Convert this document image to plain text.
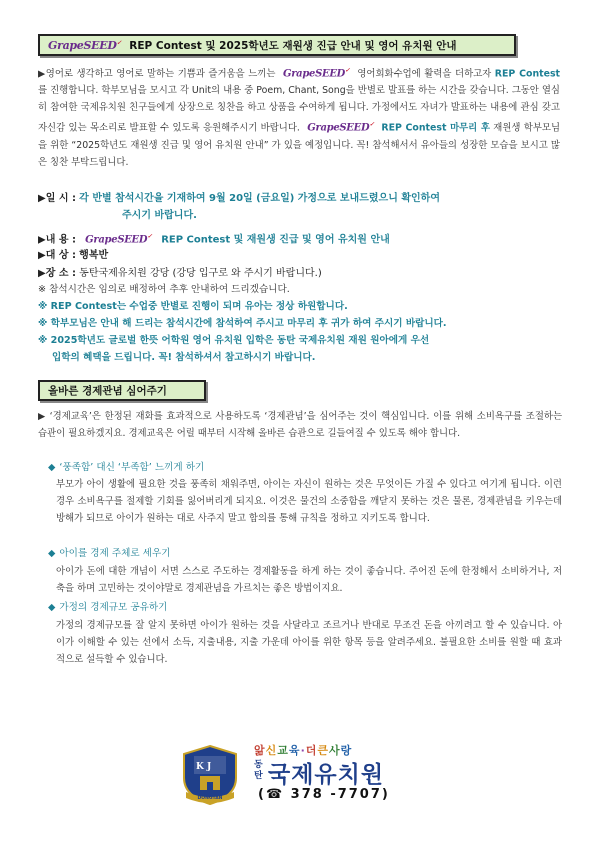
GrapeSEED✓ REP Contest 및 2025학년도 재원생 진급 안내 및 영어 유치원 안내
▶영어로 생각하고 영어로 말하는 기쁨과 즐거움을 느끼는 GrapeSEED✓ 영어회화수업에 활력을 더하고자 REP Contest를 진행합니다. 학부모님을 모시고 각 Unit의 내용 중 Poem, Chant, Song을 반별로 발표를 하는 시간을 갖습니다. 그동안 열심히 참여한 국제유치원 친구들에게 상장으로 칭찬을 하고 상품을 수여하게 됩니다. 가정에서도 자녀가 발표하는 내용에 관심 갖고 자신감 있는 목소리로 발표할 수 있도록 응원해주시기 바랍니다. GrapeSEED✓ REP Contest 마무리 후 재원생 학부모님을 위한 “2025학년도 재원생 진급 및 영어 유치원 안내” 가 있을 예정입니다. 꼭! 참석해서서 유아들의 성장한 모습을 보시고 많은 칭찬 부탁드립니다.
▶일 시 : 각 반별 참석시간을 기재하여 9월 20일 (금요일) 가정으로 보내드렸으니 확인하여
주시기 바랍니다.
▶내 용 : GrapeSEED✓ REP Contest 및 재원생 진급 및 영어 유치원 안내
▶대 상 : 행복반
▶장 소 : 동탄국제유치원 강당 (강당 입구로 와 주시기 바랍니다.)
※ 참석시간은 임의로 배정하여 추후 안내하여 드리겠습니다.
※ REP Contest는 수업중 반별로 진행이 되며 유아는 정상 하원합니다.
※ 학부모님은 안내 해 드리는 참석시간에 참석하여 주시고 마무리 후 귀가 하여 주시기 바랍니다.
※ 2025학년도 글로벌 한뜻 어학원 영어 유치원 입학은 동탄 국제유치원 재원 원아에게 우선
입학의 혜택을 드립니다. 꼭! 참석하셔서 참고하시기 바랍니다.
올바른 경제관념 심어주기
▶ ‘경제교육’은 한정된 재화를 효과적으로 사용하도록 ‘경제관념’을 심어주는 것이 핵심입니다. 이를 위해 소비욕구를 조절하는 습관이 필요하겠지요. 경제교육은 어릴 때부터 시작해 올바른 습관으로 길들여질 수 있도록 해야 합니다.
◆ ‘풍족함’ 대신 ‘부족함’ 느끼게 하기
부모가 아이 생활에 필요한 것을 풍족히 채워주면, 아이는 자신이 원하는 것은 무엇이든 가질 수 있다고 여기게 됩니다. 이런 경우 소비욕구를 절제할 기회를 잃어버리게 되지요. 이것은 물건의 소중함을 깨닫지 못하는 것은 물론, 경제관념을 키우는데 방해가 되므로 아이가 원하는 대로 사주지 말고 합의를 통해 규칙을 정하고 지키도록 합니다.
◆ 아이를 경제 주체로 세우기
아이가 돈에 대한 개념이 서면 스스로 주도하는 경제활동을 하게 하는 것이 좋습니다. 주어진 돈에 한정해서 소비하거나, 저축을 하며 고민하는 것이야말로 경제관념을 가르치는 좋은 방법이지요.
◆ 가정의 경제규모 공유하기
가정의 경제규모를 잘 알지 못하면 아이가 원하는 것을 사달라고 조르거나 반대로 무조건 돈을 아끼려고 할 수 있습니다. 아이가 이해할 수 있는 선에서 소득, 지출내용, 지출 가운데 아이를 위한 항목 등을 알려주세요. 불필요한 소비를 원할 때 효과적으로 설득할 수 있습니다.
K J
DONGTAN
앎신교육·더큰사랑
동탄 국제유치원
(☎ 378 -7707)
